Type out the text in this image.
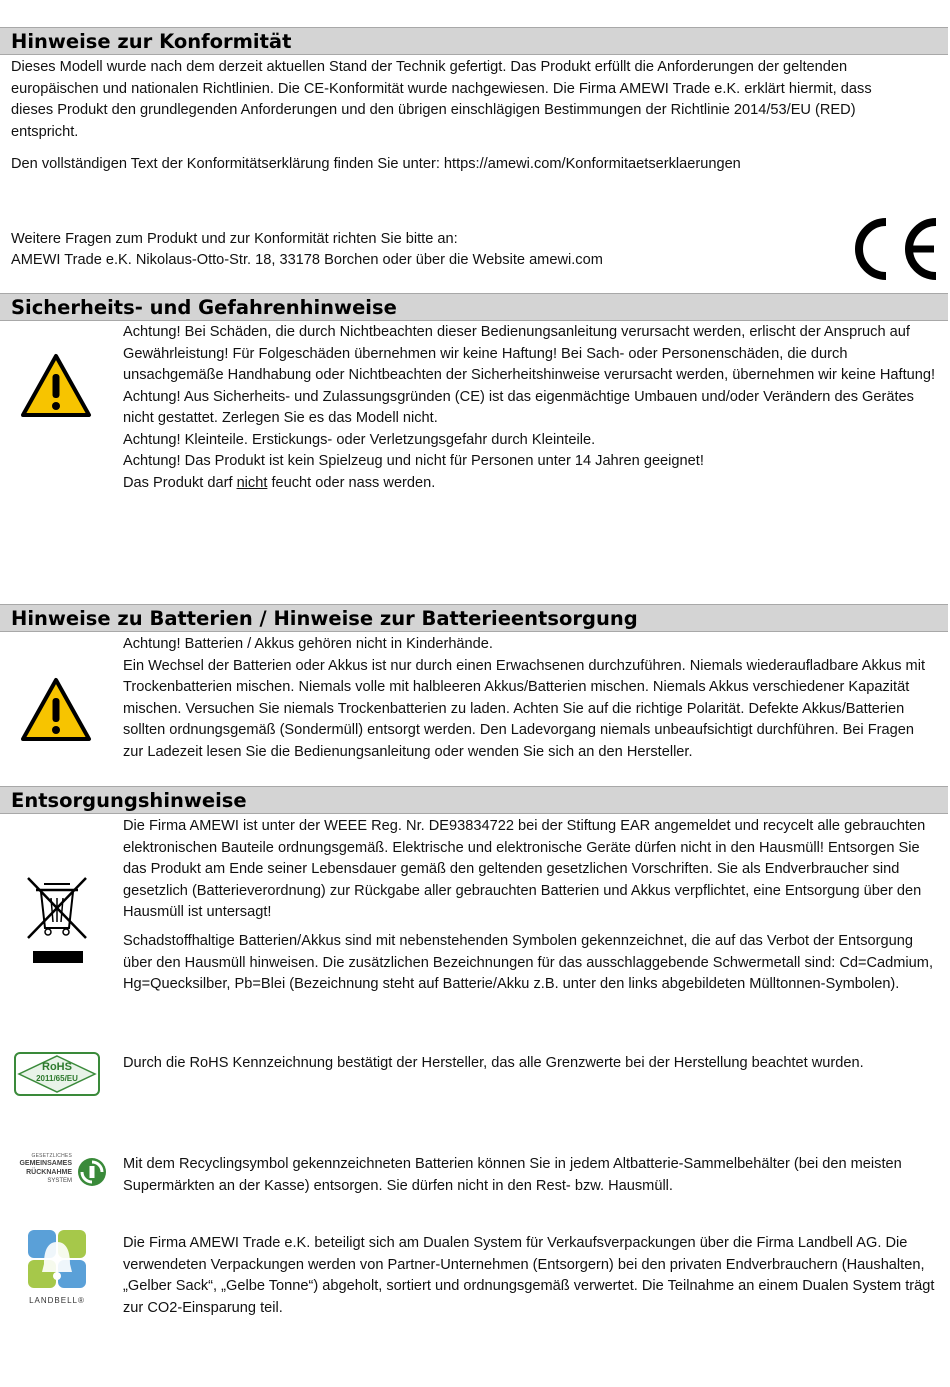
Hinweise zur Konformität
Dieses Modell wurde nach dem derzeit aktuellen Stand der Technik gefertigt. Das Produkt erfüllt die Anforderungen der geltenden europäischen und nationalen Richtlinien. Die CE-Konformität wurde nachgewiesen. Die Firma AMEWI Trade e.K. erklärt hiermit, dass dieses Produkt den grundlegenden Anforderungen und den übrigen einschlägigen Bestimmungen der Richtlinie 2014/53/EU (RED) entspricht.
Den vollständigen Text der Konformitätserklärung finden Sie unter: https://amewi.com/Konformitaetserklaerungen
Weitere Fragen zum Produkt und zur Konformität richten Sie bitte an:
AMEWI Trade e.K. Nikolaus-Otto-Str. 18, 33178 Borchen oder über die Website amewi.com
Sicherheits- und Gefahrenhinweise
Achtung! Bei Schäden, die durch Nichtbeachten dieser Bedienungsanleitung verursacht werden, erlischt der Anspruch auf Gewährleistung! Für Folgeschäden übernehmen wir keine Haftung! Bei Sach- oder Personenschäden, die durch unsachgemäße Handhabung oder Nichtbeachten der Sicherheitshinweise verursacht werden, übernehmen wir keine Haftung!
Achtung! Aus Sicherheits- und Zulassungsgründen (CE) ist das eigenmächtige Umbauen und/oder Verändern des Gerätes nicht gestattet. Zerlegen Sie es das Modell nicht.
Achtung! Kleinteile. Erstickungs- oder Verletzungsgefahr durch Kleinteile.
Achtung! Das Produkt ist kein Spielzeug und nicht für Personen unter 14 Jahren geeignet!
Das Produkt darf nicht feucht oder nass werden.
Hinweise zu Batterien / Hinweise zur Batterieentsorgung
Achtung! Batterien / Akkus gehören nicht in Kinderhände.
Ein Wechsel der Batterien oder Akkus ist nur durch einen Erwachsenen durchzuführen. Niemals wiederaufladbare Akkus mit Trockenbatterien mischen. Niemals volle mit halbleeren Akkus/Batterien mischen. Niemals Akkus verschiedener Kapazität mischen. Versuchen Sie niemals Trockenbatterien zu laden. Achten Sie auf die richtige Polarität. Defekte Akkus/Batterien sollten ordnungsgemäß (Sondermüll) entsorgt werden. Den Ladevorgang niemals unbeaufsichtigt durchführen. Bei Fragen zur Ladezeit lesen Sie die Bedienungsanleitung oder wenden Sie sich an den Hersteller.
Entsorgungshinweise
Die Firma AMEWI ist unter der WEEE Reg. Nr. DE93834722 bei der Stiftung EAR angemeldet und recycelt alle gebrauchten elektronischen Bauteile ordnungsgemäß. Elektrische und elektronische Geräte dürfen nicht in den Hausmüll! Entsorgen Sie das Produkt am Ende seiner Lebensdauer gemäß den geltenden gesetzlichen Vorschriften. Sie als Endverbraucher sind gesetzlich (Batterieverordnung) zur Rückgabe aller gebrauchten Batterien und Akkus verpflichtet, eine Entsorgung über den Hausmüll ist untersagt!
Schadstoffhaltige Batterien/Akkus sind mit nebenstehenden Symbolen gekennzeichnet, die auf das Verbot der Entsorgung über den Hausmüll hinweisen. Die zusätzlichen Bezeichnungen für das ausschlaggebende Schwermetall sind: Cd=Cadmium, Hg=Quecksilber, Pb=Blei (Bezeichnung steht auf Batterie/Akku z.B. unter den links abgebildeten Mülltonnen-Symbolen).
RoHS
2011/65/EU
Durch die RoHS Kennzeichnung bestätigt der Hersteller, das alle Grenzwerte bei der Herstellung beachtet wurden.
GESETZLICHES
GEMEINSAMES
RÜCKNAHME
SYSTEM
Mit dem Recyclingsymbol gekennzeichneten Batterien können Sie in jedem Altbatterie-Sammelbehälter (bei den meisten Supermärkten an der Kasse) entsorgen. Sie dürfen nicht in den Rest- bzw. Hausmüll.
LANDBELL®
Die Firma AMEWI Trade e.K. beteiligt sich am Dualen System für Verkaufsverpackungen über die Firma Landbell AG. Die verwendeten Verpackungen werden von Partner-Unternehmen (Entsorgern) bei den privaten Endverbrauchern (Haushalten, „Gelber Sack“, „Gelbe Tonne“) abgeholt, sortiert und ordnungsgemäß verwertet. Die Teilnahme an einem Dualen System trägt zur CO2-Einsparung teil.
